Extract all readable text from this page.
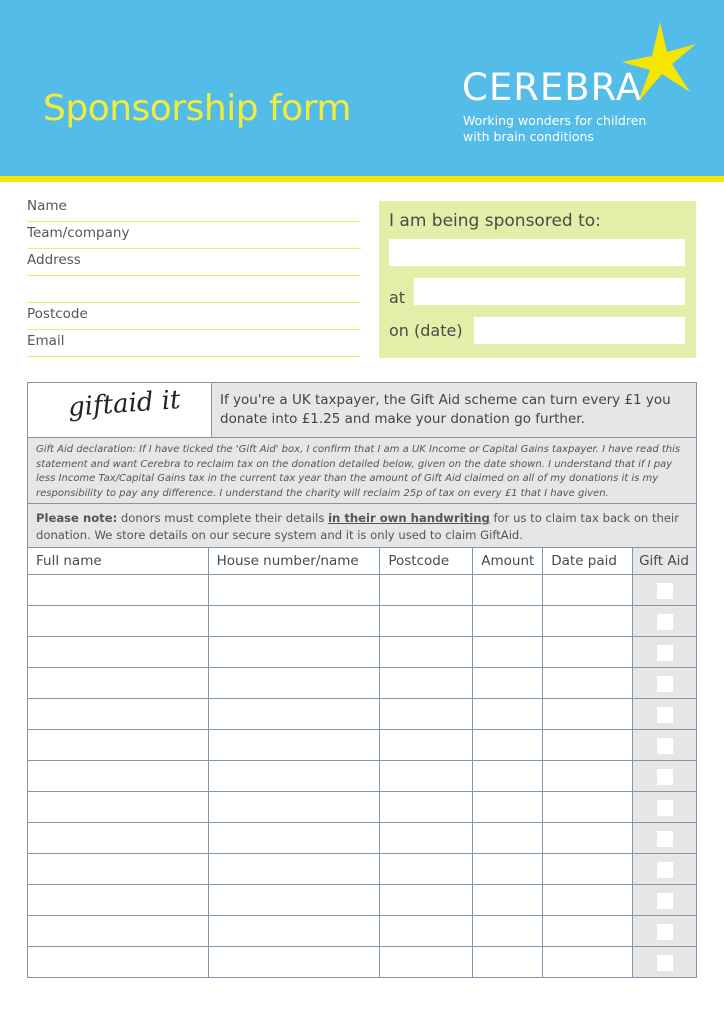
Sponsorship form	CEREBRA
Working wonders for children
with brain conditions
Name
Team/company
Address
Postcode
Email
I am being sponsored to:
at
on (date)
giftaid it	If you're a UK taxpayer, the Gift Aid scheme can turn every £1 you donate into £1.25 and make your donation go further.
Gift Aid declaration: If I have ticked the 'Gift Aid' box, I confirm that I am a UK Income or Capital Gains taxpayer. I have read this statement and want Cerebra to reclaim tax on the donation detailed below, given on the date shown. I understand that if I pay less Income Tax/Capital Gains tax in the current tax year than the amount of Gift Aid claimed on all of my donations it is my responsibility to pay any difference. I understand the charity will reclaim 25p of tax on every £1 that I have given.
Please note: donors must complete their details in their own handwriting for us to claim tax back on their donation. We store details on our secure system and it is only used to claim GiftAid.
Full name	House number/name	Postcode	Amount	Date paid	Gift Aid
